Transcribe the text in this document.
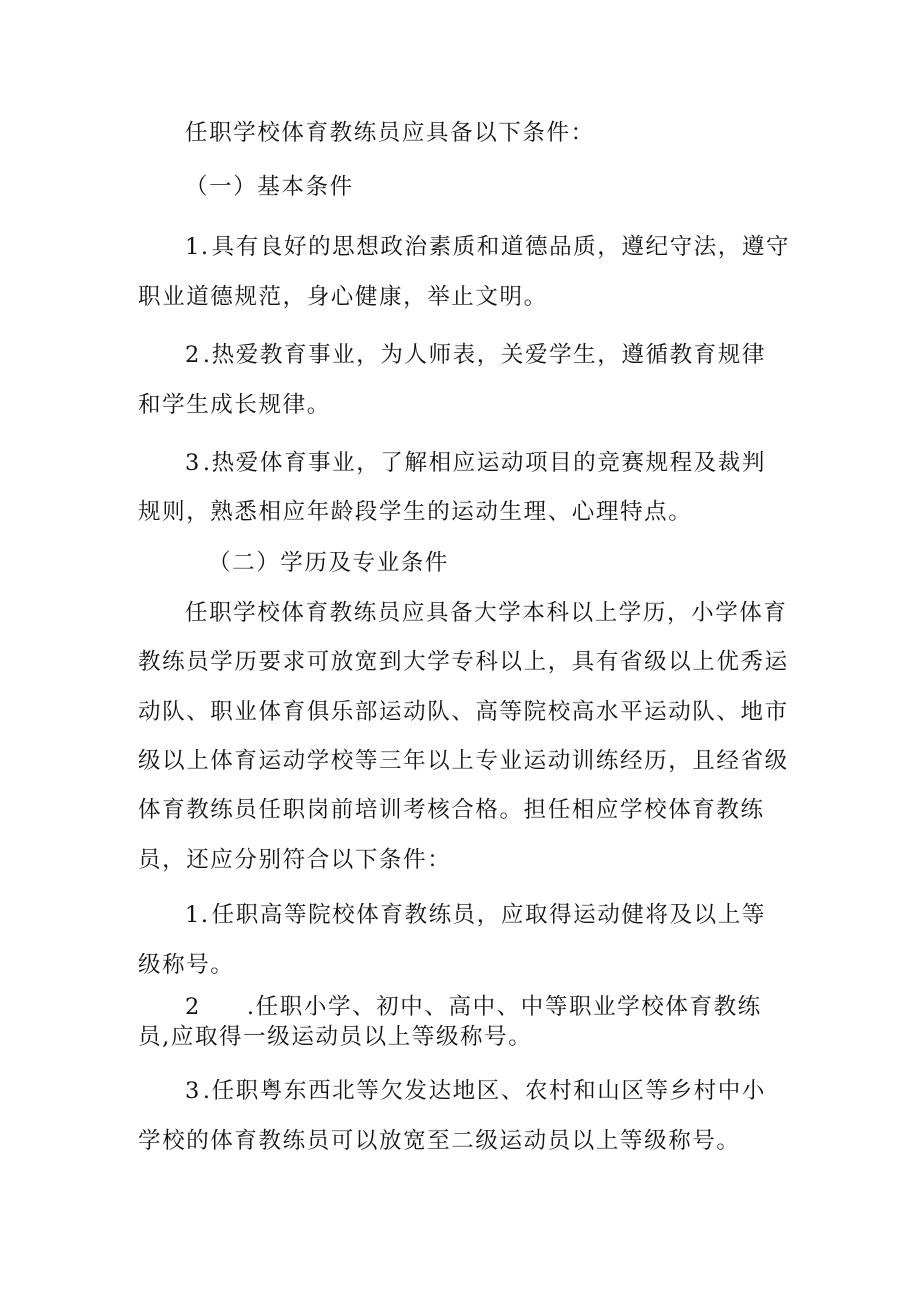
任职学校体育教练员应具备以下条件：
（一）基本条件
1.具有良好的思想政治素质和道德品质，遵纪守法，遵守
职业道德规范，身心健康，举止文明。
2.热爱教育事业，为人师表，关爱学生，遵循教育规律
和学生成长规律。
3.热爱体育事业，了解相应运动项目的竞赛规程及裁判
规则，熟悉相应年龄段学生的运动生理、心理特点。
（二）学历及专业条件
任职学校体育教练员应具备大学本科以上学历，小学体育
教练员学历要求可放宽到大学专科以上，具有省级以上优秀运
动队、职业体育俱乐部运动队、高等院校高水平运动队、地市
级以上体育运动学校等三年以上专业运动训练经历，且经省级
体育教练员任职岗前培训考核合格。担任相应学校体育教练
员，还应分别符合以下条件：
1.任职高等院校体育教练员，应取得运动健将及以上等
级称号。
2 .任职小学、初中、高中、中等职业学校体育教练
员,应取得一级运动员以上等级称号。
3.任职粤东西北等欠发达地区、农村和山区等乡村中小
学校的体育教练员可以放宽至二级运动员以上等级称号。
